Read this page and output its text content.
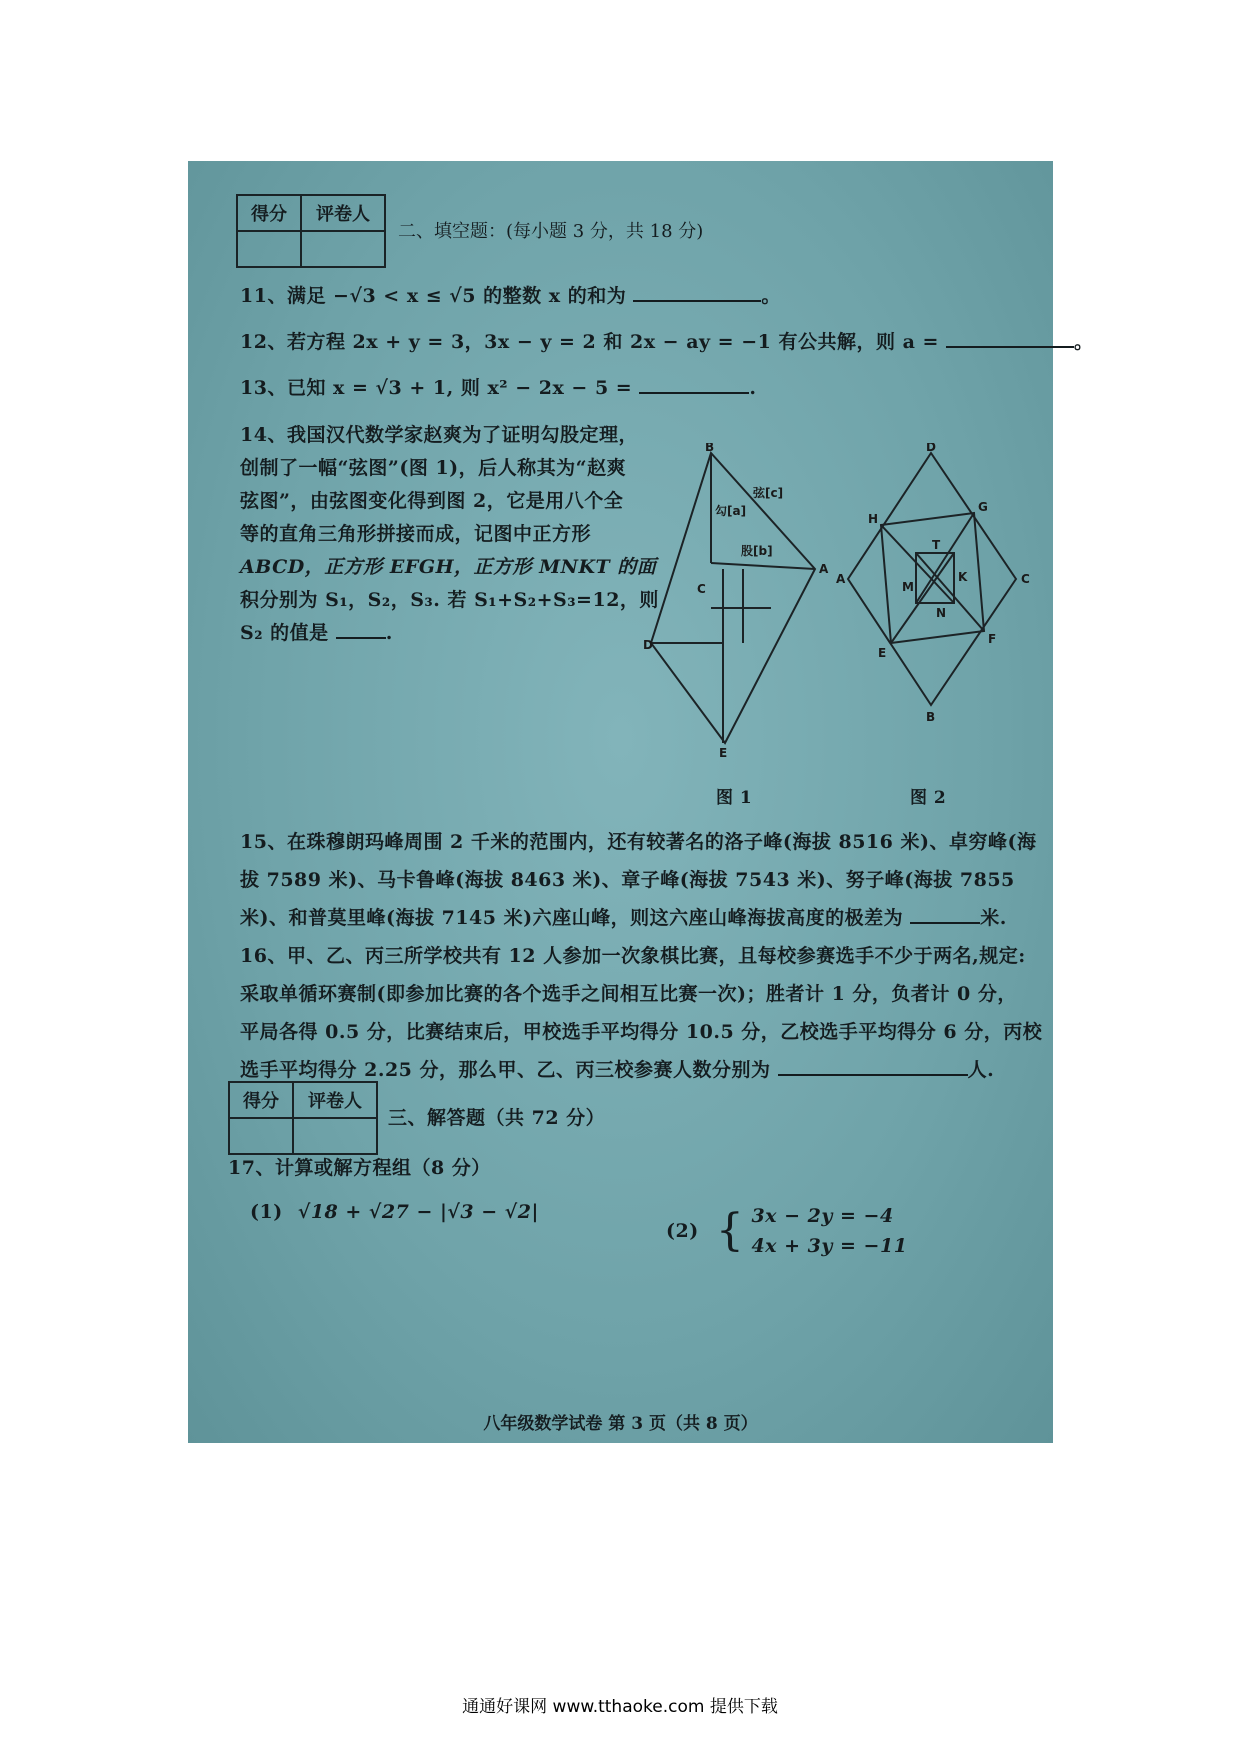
得分	评卷人

二、填空题：(每小题 3 分，共 18 分)
11、满足 −√3 < x ≤ √5 的整数 x 的和为	。
12、若方程 2x + y = 3，3x − y = 2 和 2x − ay = −1 有公共解，则 a =	。
13、已知 x = √3 + 1, 则 x² − 2x − 5 =	.
14、我国汉代数学家赵爽为了证明勾股定理，
创制了一幅“弦图”(图 1)，后人称其为“赵爽
弦图”，由弦图变化得到图 2，它是用八个全
等的直角三角形拼接而成，记图中正方形
ABCD，正方形 EFGH，正方形 MNKT 的面
积分别为 S₁，S₂，S₃. 若 S₁+S₂+S₃=12，则
S₂ 的值是	.
B
A
C
D
E
勾[a]
弦[c]
股[b]
图 1
D
A	C
B
H
G
E
F
T
K
M
N
图 2
15、在珠穆朗玛峰周围 2 千米的范围内，还有较著名的洛子峰(海拔 8516 米)、卓穷峰(海
拔 7589 米)、马卡鲁峰(海拔 8463 米)、章子峰(海拔 7543 米)、努子峰(海拔 7855
米)、和普莫里峰(海拔 7145 米)六座山峰，则这六座山峰海拔高度的极差为	米.
16、甲、乙、丙三所学校共有 12 人参加一次象棋比赛，且每校参赛选手不少于两名,规定:
采取单循环赛制(即参加比赛的各个选手之间相互比赛一次)；胜者计 1 分，负者计 0 分，
平局各得 0.5 分，比赛结束后，甲校选手平均得分 10.5 分，乙校选手平均得分 6 分，丙校
选手平均得分 2.25 分，那么甲、乙、丙三校参赛人数分别为	人.
得分	评卷人

三、解答题（共 72 分）
17、计算或解方程组（8 分）
(1) √18 + √27 − |√3 − √2|
(2) { 3x − 2y = −4
4x + 3y = −11
八年级数学试卷 第 3 页（共 8 页）
通通好课网 www.tthaoke.com 提供下载
